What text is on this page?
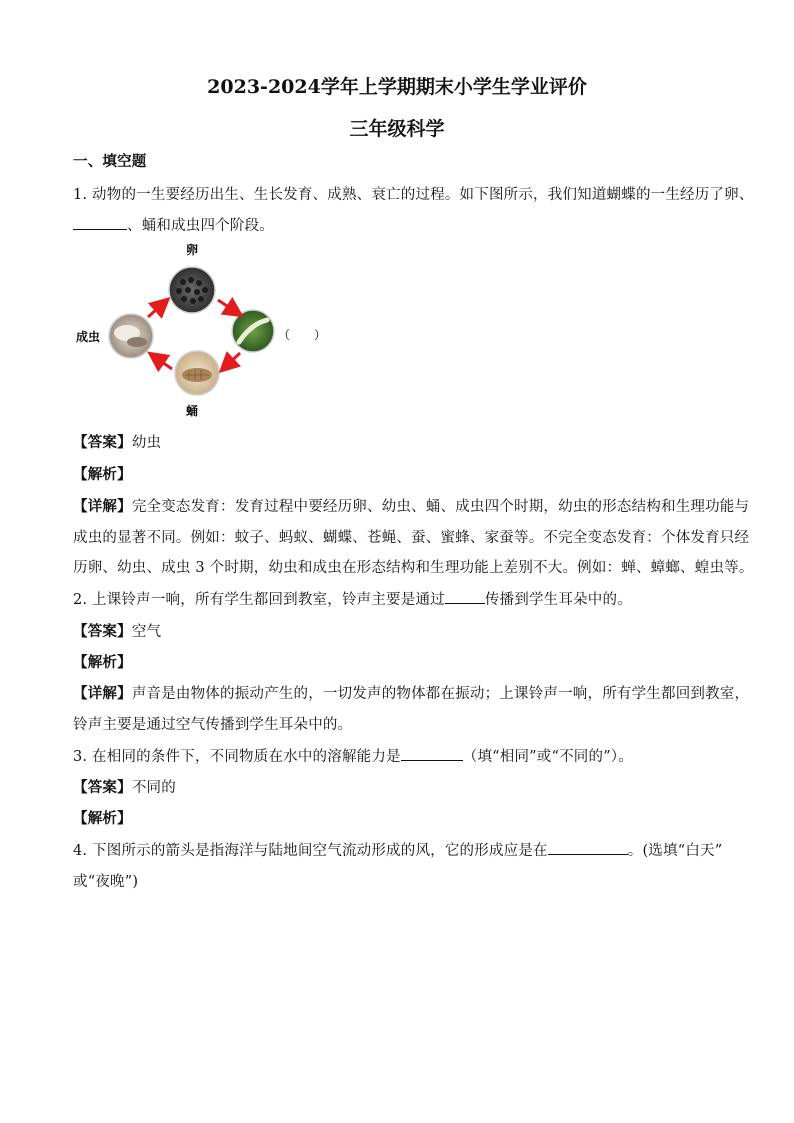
2023-2024学年上学期期末小学生学业评价
三年级科学
一、填空题
1. 动物的一生要经历出生、生长发育、成熟、衰亡的过程。如下图所示，我们知道蝴蝶的一生经历了卵、
、蛹和成虫四个阶段。
卵
成虫
蛹
（　　）
【答案】幼虫
【解析】
【详解】完全变态发育：发育过程中要经历卵、幼虫、蛹、成虫四个时期，幼虫的形态结构和生理功能与
成虫的显著不同。例如：蚊子、蚂蚁、蝴蝶、苍蝇、蚕、蜜蜂、家蚕等。不完全变态发育：个体发育只经
历卵、幼虫、成虫 3 个时期，幼虫和成虫在形态结构和生理功能上差别不大。例如：蝉、蟑螂、蝗虫等。
2. 上课铃声一响，所有学生都回到教室，铃声主要是通过	传播到学生耳朵中的。
【答案】空气
【解析】
【详解】声音是由物体的振动产生的，一切发声的物体都在振动；上课铃声一响，所有学生都回到教室，
铃声主要是通过空气传播到学生耳朵中的。
3. 在相同的条件下，不同物质在水中的溶解能力是	（填“相同”或“不同的”）。
【答案】不同的
【解析】
4. 下图所示的箭头是指海洋与陆地间空气流动形成的风，它的形成应是在	。(选填“白天”
或“夜晚”)
